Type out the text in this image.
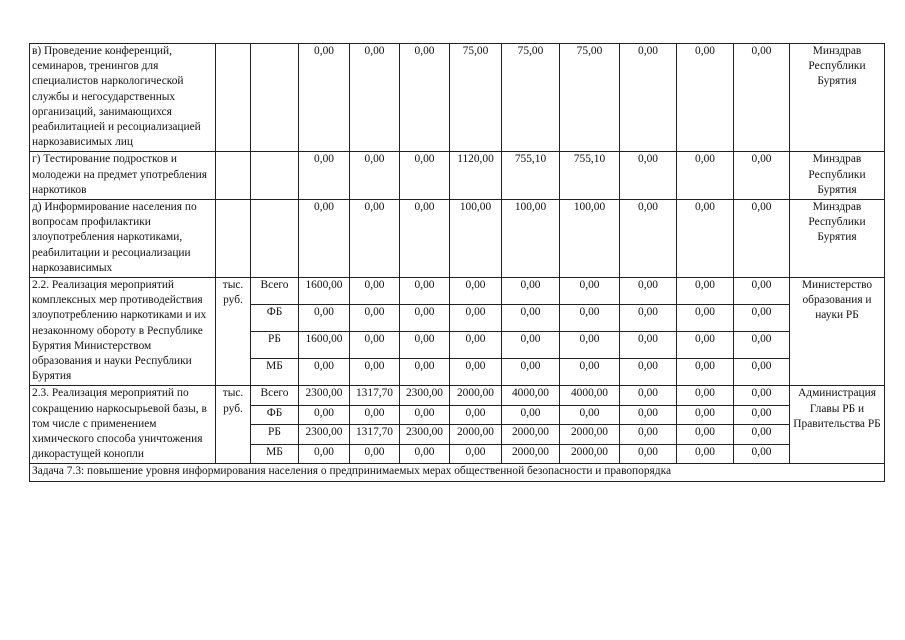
в) Проведение конференций, семинаров, тренингов для специалистов наркологической службы и негосударственных организаций, занимающихся реабилитацией и ресоциализацией наркозависимых лиц			0,00	0,00	0,00	75,00	75,00	75,00	0,00	0,00	0,00	Минздрав Республики Бурятия
г) Тестирование подростков и молодежи на предмет употребления наркотиков			0,00	0,00	0,00	1120,00	755,10	755,10	0,00	0,00	0,00	Минздрав Республики Бурятия
д) Информирование населения по вопросам профилактики злоупотребления наркотиками, реабилитации и ресоциализации наркозависимых			0,00	0,00	0,00	100,00	100,00	100,00	0,00	0,00	0,00	Минздрав Республики Бурятия
2.2. Реализация мероприятий комплексных мер противодействия злоупотреблению наркотиками и их незаконному обороту в Республике Бурятия Министерством образования и науки Республики Бурятия	тыс. руб.	Всего	1600,00	0,00	0,00	0,00	0,00	0,00	0,00	0,00	0,00	Министерство образования и науки РБ
		ФБ	0,00	0,00	0,00	0,00	0,00	0,00	0,00	0,00	0,00	
		РБ	1600,00	0,00	0,00	0,00	0,00	0,00	0,00	0,00	0,00	
		МБ	0,00	0,00	0,00	0,00	0,00	0,00	0,00	0,00	0,00	
2.3. Реализация мероприятий по сокращению наркосырьевой базы, в том числе с применением химического способа уничтожения дикорастущей конопли	тыс. руб.	Всего	2300,00	1317,70	2300,00	2000,00	4000,00	4000,00	0,00	0,00	0,00	Администрация Главы РБ и Правительства РБ
		ФБ	0,00	0,00	0,00	0,00	0,00	0,00	0,00	0,00	0,00	
		РБ	2300,00	1317,70	2300,00	2000,00	2000,00	2000,00	0,00	0,00	0,00	
		МБ	0,00	0,00	0,00	0,00	2000,00	2000,00	0,00	0,00	0,00	
Задача 7.3: повышение уровня информирования населения о предпринимаемых мерах общественной безопасности и правопорядка												
